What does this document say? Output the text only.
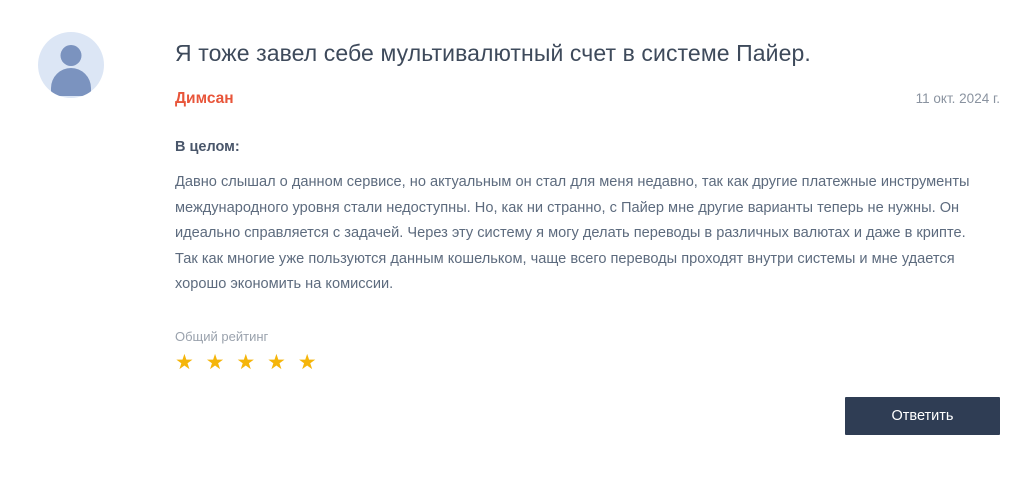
Я тоже завел себе мультивалютный счет в системе Пайер.
Димсан	11 окт. 2024 г.
В целом:
Давно слышал о данном сервисе, но актуальным он стал для меня недавно, так как другие платежные инструменты международного уровня стали недоступны. Но, как ни странно, с Пайер мне другие варианты теперь не нужны. Он идеально справляется с задачей. Через эту систему я могу делать переводы в различных валютах и даже в крипте. Так как многие уже пользуются данным кошельком, чаще всего переводы проходят внутри системы и мне удается хорошо экономить на комиссии.
Общий рейтинг
★ ★ ★ ★ ★
Ответить
